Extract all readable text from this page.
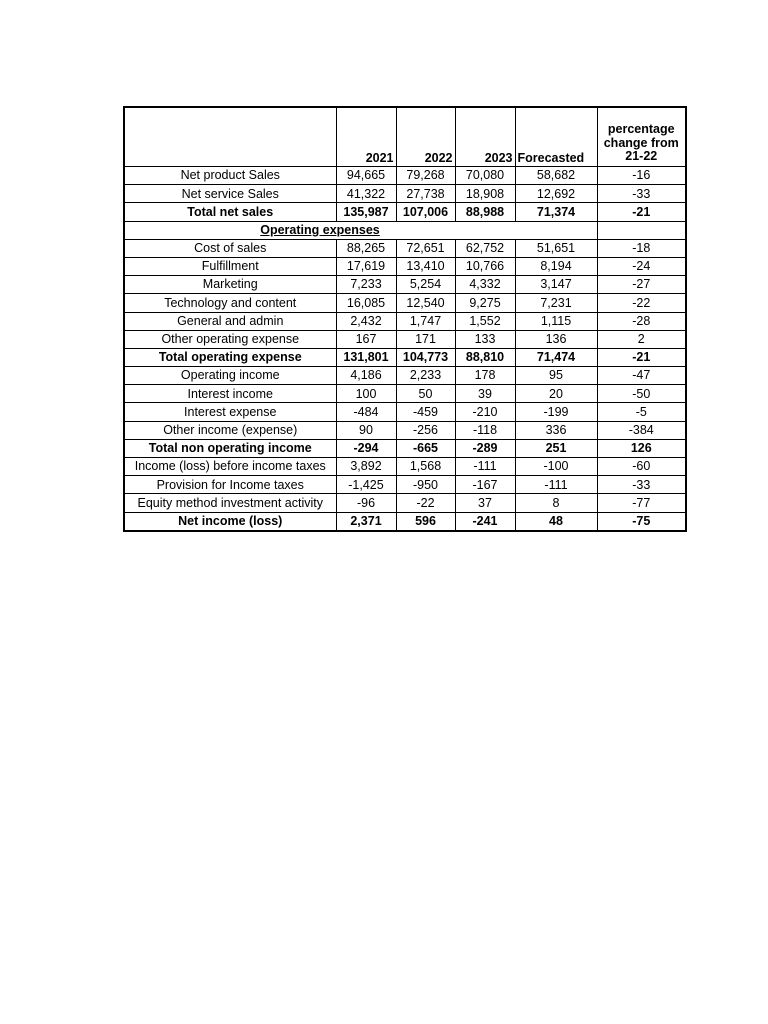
	2021	2022	2023	Forecasted	percentage change from 21-22
Net product Sales	94,665	79,268	70,080	58,682	-16
Net service Sales	41,322	27,738	18,908	12,692	-33
Total net sales	135,987	107,006	88,988	71,374	-21
Operating expenses					
Cost of sales	88,265	72,651	62,752	51,651	-18
Fulfillment	17,619	13,410	10,766	8,194	-24
Marketing	7,233	5,254	4,332	3,147	-27
Technology and content	16,085	12,540	9,275	7,231	-22
General and admin	2,432	1,747	1,552	1,115	-28
Other operating expense	167	171	133	136	2
Total operating expense	131,801	104,773	88,810	71,474	-21
Operating income	4,186	2,233	178	95	-47
Interest income	100	50	39	20	-50
Interest expense	-484	-459	-210	-199	-5
Other income (expense)	90	-256	-118	336	-384
Total non operating income	-294	-665	-289	251	126
Income (loss) before income taxes	3,892	1,568	-111	-100	-60
Provision for Income taxes	-1,425	-950	-167	-111	-33
Equity method investment activity	-96	-22	37	8	-77
Net income (loss)	2,371	596	-241	48	-75
